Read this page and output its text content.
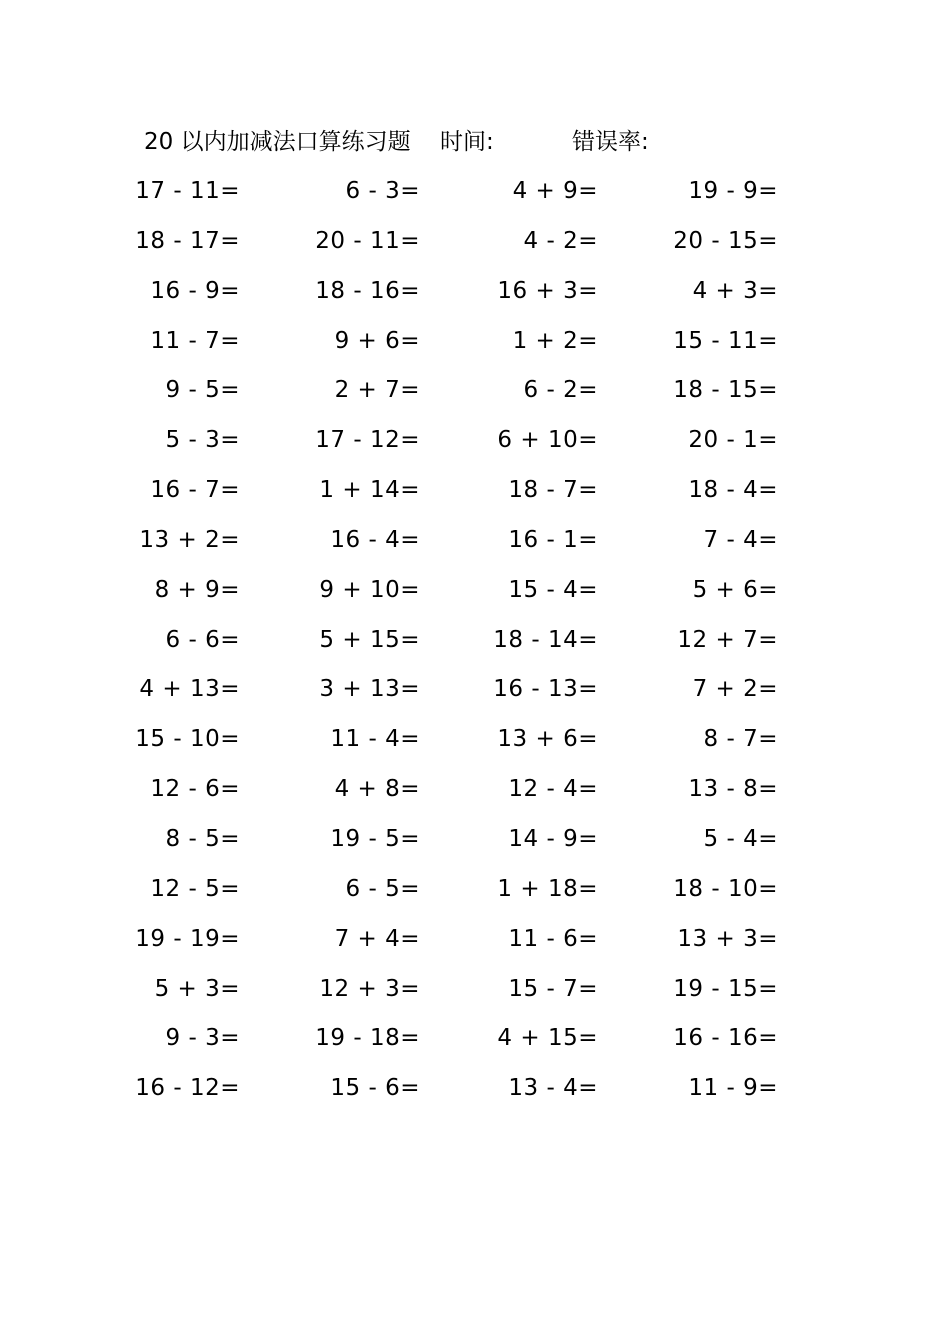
20 以内加减法口算练习题 时间:	错误率:
17 - 11=	6 - 3=	4 + 9=	19 - 9=
18 - 17=	20 - 11=	4 - 2=	20 - 15=
16 - 9=	18 - 16=	16 + 3=	4 + 3=
11 - 7=	9 + 6=	1 + 2=	15 - 11=
9 - 5=	2 + 7=	6 - 2=	18 - 15=
5 - 3=	17 - 12=	6 + 10=	20 - 1=
16 - 7=	1 + 14=	18 - 7=	18 - 4=
13 + 2=	16 - 4=	16 - 1=	7 - 4=
8 + 9=	9 + 10=	15 - 4=	5 + 6=
6 - 6=	5 + 15=	18 - 14=	12 + 7=
4 + 13=	3 + 13=	16 - 13=	7 + 2=
15 - 10=	11 - 4=	13 + 6=	8 - 7=
12 - 6=	4 + 8=	12 - 4=	13 - 8=
8 - 5=	19 - 5=	14 - 9=	5 - 4=
12 - 5=	6 - 5=	1 + 18=	18 - 10=
19 - 19=	7 + 4=	11 - 6=	13 + 3=
5 + 3=	12 + 3=	15 - 7=	19 - 15=
9 - 3=	19 - 18=	4 + 15=	16 - 16=
16 - 12=	15 - 6=	13 - 4=	11 - 9=
